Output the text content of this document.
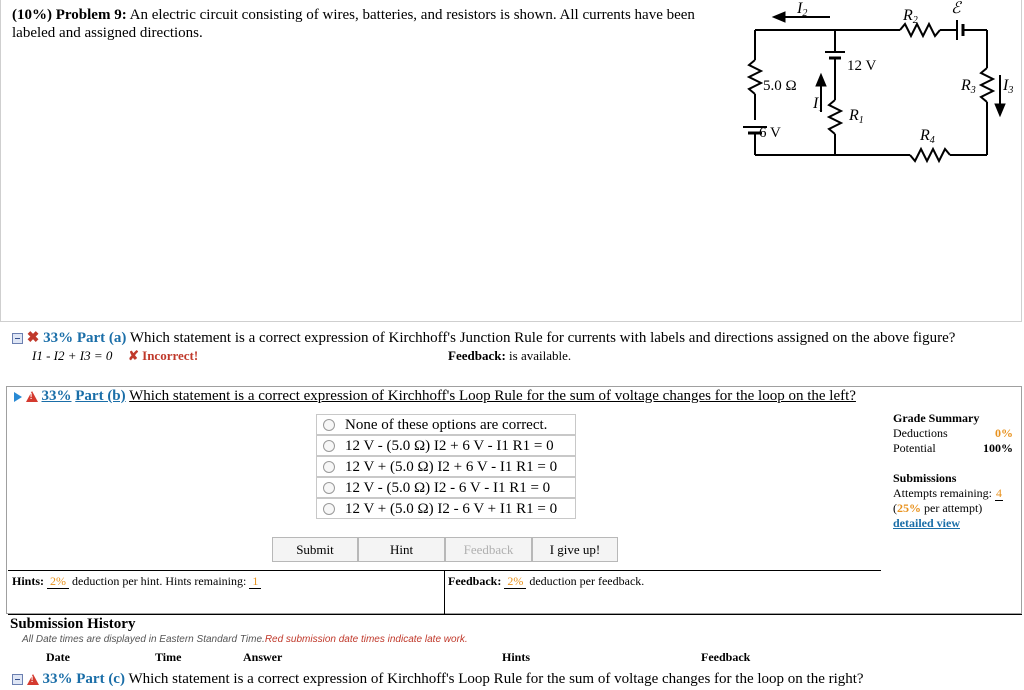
(10%) Problem 9: An electric circuit consisting of wires, batteries, and resistors is shown. All currents have been labeled and assigned directions.
I2	R2
ℰ
I1 R1
R3 I3
R4
12 V
5.0 Ω
6 V
✖ 33% Part (a) Which statement is a correct expression of Kirchhoff's Junction Rule for currents with labels and directions assigned on the above figure?
I1 - I2 + I3 = 0 ✘ Incorrect!	Feedback: is available.
! 33% Part (b) Which statement is a correct expression of Kirchhoff's Loop Rule for the sum of voltage changes for the loop on the left?
None of these options are correct.
12 V - (5.0 Ω) I2 + 6 V - I1 R1 = 0
12 V + (5.0 Ω) I2 + 6 V - I1 R1 = 0
12 V - (5.0 Ω) I2 - 6 V - I1 R1 = 0
12 V + (5.0 Ω) I2 - 6 V + I1 R1 = 0
Submit	Hint	Feedback	I give up!
Grade Summary
Deductions	0%
Potential	100%
Submissions
Attempts remaining: 4
(25% per attempt)
detailed view
Hints: 2% deduction per hint. Hints remaining: 1	Feedback: 2% deduction per feedback.
Submission History
All Date times are displayed in Eastern Standard Time.Red submission date times indicate late work.
Date	Time	Answer	Hints	Feedback
! 33% Part (c) Which statement is a correct expression of Kirchhoff's Loop Rule for the sum of voltage changes for the loop on the right?
